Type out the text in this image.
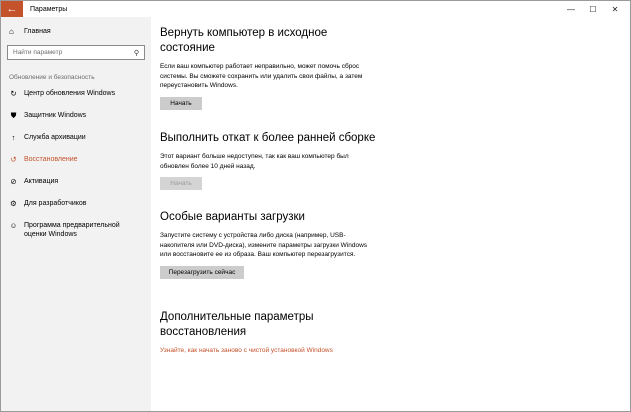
← Параметры	— ☐ ✕
⌂	Главная
Найти параметр	⚲
Обновление и безопасность
↻ Центр обновления Windows
⛊ Защитник Windows
↑	Служба архивации
↺ Восстановление
⊘ Активация
⚙ Для разработчиков
☺ Программа предварительной оценки Windows
Вернуть компьютер в исходное состояние
Если ваш компьютер работает неправильно, может помочь сброс системы. Вы сможете сохранить или удалить свои файлы, а затем переустановить Windows.
Начать
Выполнить откат к более ранней сборке
Этот вариант больше недоступен, так как ваш компьютер был обновлен более 10 дней назад.
Начать
Особые варианты загрузки
Запустите систему с устройства либо диска (например, USB-накопителя или DVD-диска), измените параметры загрузки Windows или восстановите ее из образа. Ваш компьютер перезагрузится.
Перезагрузить сейчас
Дополнительные параметры восстановления
Узнайте, как начать заново с чистой установкой Windows
